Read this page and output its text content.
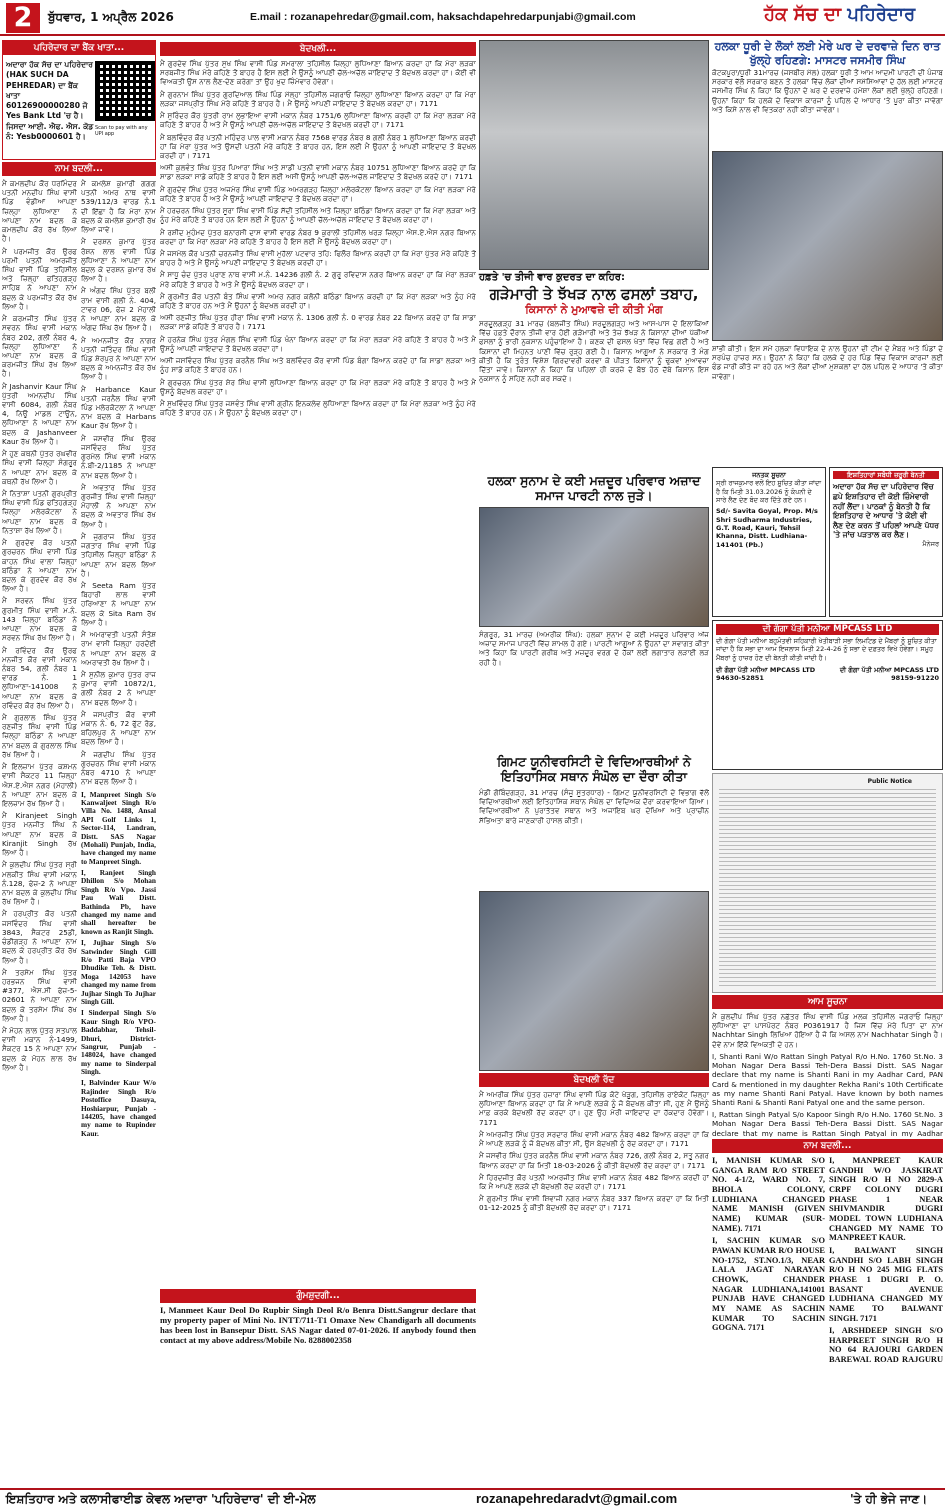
2	ਬੁੱਧਵਾਰ, 1 ਅਪ੍ਰੈਲ 2026	E.mail : rozanapehredar@gmail.com, haksachdapehredarpunjabi@gmail.com	ਹੱਕ ਸੱਚ ਦਾ ਪਹਿਰੇਦਾਰ
ਪਹਿਰੇਦਾਰ ਦਾ ਬੈਂਕ ਖਾਤਾ...
ਅਦਾਰਾ ਹੱਕ ਸੱਚ ਦਾ ਪਹਿਰੇਦਾਰ (HAK SUCH DA PEHREDAR) ਦਾ ਬੈਂਕ ਖਾਤਾ 60126900000280 ਜੋ Yes Bank Ltd 'ਚ ਹੈ। ਜਿਸਦਾ ਆਈ. ਐਫ. ਐਸ. ਕੋਡ ਨੰ: Yesb0000601 ਹੈ।
Scan to pay with any UPI app
ਨਾਮ ਬਦਲੀ...
ਮੈਂ ਕਮਲਦੀਪ ਕੌਰ ਧਰਮਿੰਦਰ ਪਤਨੀ ਮਨਦੀਪ ਸਿੰਘ ਵਾਸੀ ਪਿੰਡ ਵੰਡੀਆਂ ਆਪਣਾ ਜ਼ਿਲ੍ਹਾ ਲੁਧਿਆਣਾ ਨੇ ਆਪਣਾ ਨਾਮ ਬਦਲ ਕੇ ਕਮਲਦੀਪ ਕੌਰ ਰੱਖ ਲਿਆ ਹੈ।
ਮੈਂ ਪਰਮਜੀਤ ਕੌਰ ਉਰਫ ਪਰਮੀ ਪਤਨੀ ਅਮਰਜੀਤ ਸਿੰਘ ਵਾਸੀ ਪਿੰਡ ਤਹਿਸੀਲ ਅਤੇ ਜ਼ਿਲ੍ਹਾ ਫਤਿਹਗੜ੍ਹ ਸਾਹਿਬ ਨੇ ਆਪਣਾ ਨਾਮ ਬਦਲ ਕੇ ਪਰਮਜੀਤ ਕੌਰ ਰੱਖ ਲਿਆ ਹੈ।
ਮੈਂ ਕਰਮਜੀਤ ਸਿੰਘ ਪੁੱਤਰ ਸਵਰਨ ਸਿੰਘ ਵਾਸੀ ਮਕਾਨ ਨੰਬਰ 202, ਗਲੀ ਨੰਬਰ 4, ਜ਼ਿਲ੍ਹਾ ਲੁਧਿਆਣਾ ਨੇ ਆਪਣਾ ਨਾਮ ਬਦਲ ਕੇ ਕਰਮਜੀਤ ਸਿੰਘ ਰੱਖ ਲਿਆ ਹੈ।
ਮੈਂ Jashanvir Kaur ਸਿੰਘ ਪੁੱਤਰੀ ਅਮਨਦੀਪ ਸਿੰਘ ਵਾਸੀ 6084, ਗਲੀ ਨੰਬਰ 4, ਨਿਊ ਮਾਡਲ ਟਾਊਨ, ਲੁਧਿਆਣਾ ਨੇ ਆਪਣਾ ਨਾਮ ਬਦਲ ਕੇ Jashanveer Kaur ਰੱਖ ਲਿਆ ਹੈ।
ਮੈਂ ਹੁਣ ਕਥਨੀ ਪੁੱਤਰ ਰਘਵੀਰ ਸਿੰਘ ਵਾਸੀ ਜ਼ਿਲ੍ਹਾ ਸੰਗਰੂਰ ਨੇ ਆਪਣਾ ਨਾਮ ਬਦਲ ਕੇ ਕਥਨੀ ਰੱਖ ਲਿਆ ਹੈ।
ਮੈਂ ਨਿਤਾਸ਼ਾ ਪਤਨੀ ਗੁਰਪ੍ਰੀਤ ਸਿੰਘ ਵਾਸੀ ਪਿੰਡ ਫਤਿਹਗੜ੍ਹ ਜ਼ਿਲ੍ਹਾ ਮਲੇਰਕੋਟਲਾ ਨੇ ਆਪਣਾ ਨਾਮ ਬਦਲ ਕੇ ਨਿਤਾਸ਼ਾ ਰੱਖ ਲਿਆ ਹੈ।
ਮੈਂ ਗੁਰਦੇਵ ਕੌਰ ਪਤਨੀ ਗੁਰਚਰਨ ਸਿੰਘ ਵਾਸੀ ਪਿੰਡ ਕਾਹਨ ਸਿੰਘ ਵਾਲਾ ਜ਼ਿਲ੍ਹਾ ਬਠਿੰਡਾ ਨੇ ਆਪਣਾ ਨਾਮ ਬਦਲ ਕੇ ਗੁਰਦੇਵ ਕੌਰ ਰੱਖ ਲਿਆ ਹੈ।
ਮੈਂ ਸਰਵਨ ਸਿੰਘ ਪੁੱਤਰ ਗੁਰਮੀਤ ਸਿੰਘ ਵਾਸੀ ਮ.ਨੰ. 143 ਜ਼ਿਲ੍ਹਾ ਬਠਿੰਡਾ ਨੇ ਆਪਣਾ ਨਾਮ ਬਦਲ ਕੇ ਸਰਵਨ ਸਿੰਘ ਰੱਖ ਲਿਆ ਹੈ।
ਮੈਂ ਰਵਿੰਦਰ ਕੌਰ ਉਰਫ ਮਨਜੀਤ ਕੌਰ ਵਾਸੀ ਮਕਾਨ ਨੰਬਰ 54, ਗਲੀ ਨੰਬਰ 1 ਵਾਰਡ ਨੰ. 1 ਲੁਧਿਆਣਾ-141008 ਨੇ ਆਪਣਾ ਨਾਮ ਬਦਲ ਕੇ ਰਵਿੰਦਰ ਕੌਰ ਰੱਖ ਲਿਆ ਹੈ।
ਮੈਂ ਗੁਰਲਾਲ ਸਿੰਘ ਪੁੱਤਰ ਰਣਜੀਤ ਸਿੰਘ ਵਾਸੀ ਪਿੰਡ ਜ਼ਿਲ੍ਹਾ ਬਠਿੰਡਾ ਨੇ ਆਪਣਾ ਨਾਮ ਬਦਲ ਕੇ ਗੁਰਲਾਲ ਸਿੰਘ ਰੱਖ ਲਿਆ ਹੈ।
ਮੈਂ ਇਲਜ਼ਾਮ ਪੁੱਤਰ ਕਸ਼ਮਨ ਵਾਸੀ ਸੈਕਟਰ 11 ਜ਼ਿਲ੍ਹਾ ਐਸ.ਏ.ਐਸ ਨਗਰ (ਮੋਹਾਲੀ) ਨੇ ਆਪਣਾ ਨਾਮ ਬਦਲ ਕੇ ਇਲਜ਼ਾਮ ਰੱਖ ਲਿਆ ਹੈ।
ਮੈਂ Kiranjeet Singh ਪੁੱਤਰ ਮਨਜੀਤ ਸਿੰਘ ਨੇ ਆਪਣਾ ਨਾਮ ਬਦਲ ਕੇ Kiranjit Singh ਰੱਖ ਲਿਆ ਹੈ।
ਮੈਂ ਕੁਲਦੀਪ ਸਿੰਘ ਪੁੱਤਰ ਸ੍ਰੀ ਮਲਕੀਤ ਸਿੰਘ ਵਾਸੀ ਮਕਾਨ ਨੰ.128, ਫੇਜ਼-2 ਨੇ ਆਪਣਾ ਨਾਮ ਬਦਲ ਕੇ ਕੁਲਦੀਪ ਸਿੰਘ ਰੱਖ ਲਿਆ ਹੈ।
ਮੈਂ ਹਰਪ੍ਰੀਤ ਕੌਰ ਪਤਨੀ ਜਸਵਿੰਦਰ ਸਿੰਘ ਵਾਸੀ 3843, ਸੈਕਟਰ 25ਡੀ, ਚੰਡੀਗੜ੍ਹ ਨੇ ਆਪਣਾ ਨਾਮ ਬਦਲ ਕੇ ਹਰਪ੍ਰੀਤ ਕੌਰ ਰੱਖ ਲਿਆ ਹੈ।
ਮੈਂ ਤਰਸੇਮ ਸਿੰਘ ਪੁੱਤਰ ਹਰਭਜਨ ਸਿੰਘ ਵਾਸੀ #377, ਐਸ.ਸੀ ਫੇਜ਼-5-02601 ਨੇ ਆਪਣਾ ਨਾਮ ਬਦਲ ਕੇ ਤਰਸੇਮ ਸਿੰਘ ਰੱਖ ਲਿਆ ਹੈ।
ਮੈਂ ਮੋਹਨ ਲਾਲ ਪੁੱਤਰ ਸਤਪਾਲ ਵਾਸੀ ਮਕਾਨ ਨੰ-1499, ਸੈਕਟਰ 15 ਨੇ ਆਪਣਾ ਨਾਮ ਬਦਲ ਕੇ ਮੋਹਨ ਲਾਲ ਰੱਖ ਲਿਆ ਹੈ।
ਮੈਂ ਕਮਲੇਸ਼ ਕੁਮਾਰੀ ਗਗਗ ਪਤਨੀ ਅਮਰ ਨਾਥ ਵਾਸੀ 539/112/3 ਵਾਰਡ ਨੰ.1 ਦੀ ਇੱਛਾ ਹੈ ਕਿ ਮੇਰਾ ਨਾਮ ਬਦਲ ਕੇ ਕਮਲੇਸ਼ ਕੁਮਾਰੀ ਰੱਖ ਲਿਆ ਜਾਵੇ।
ਮੈਂ ਦਰਸ਼ਨ ਕੁਮਾਰ ਪੁੱਤਰ ਰੋਸ਼ਨ ਲਾਲ ਵਾਸੀ ਪਿੰਡ ਲੁਧਿਆਣਾ ਨੇ ਆਪਣਾ ਨਾਮ ਬਦਲ ਕੇ ਦਰਸ਼ਨ ਕੁਮਾਰ ਰੱਖ ਲਿਆ ਹੈ।
ਮੈਂ ਅੰਗਦ ਸਿੰਘ ਪੁੱਤਰ ਬਲੀ ਰਾਮ ਵਾਸੀ ਗਲੀ ਨੰ. 404, ਟਾਵਰ 06, ਫੇਜ਼ 2 ਮੋਹਾਲੀ ਨੇ ਆਪਣਾ ਨਾਮ ਬਦਲ ਕੇ ਅੰਗਦ ਸਿੰਘ ਰੱਖ ਲਿਆ ਹੈ।
ਮੈਂ ਅਮਨਜੀਤ ਕੌਰ ਨਾਗਰ ਪਤਨੀ ਜਤਿੰਦਰ ਸਿੰਘ ਵਾਸੀ ਪਿੰਡ ਸ਼ੇਰਪੁਰ ਨੇ ਆਪਣਾ ਨਾਮ ਬਦਲ ਕੇ ਅਮਨਜੀਤ ਕੌਰ ਰੱਖ ਲਿਆ ਹੈ।
ਮੈਂ Harbance Kaur ਪਤਨੀ ਜਰਨੈਲ ਸਿੰਘ ਵਾਸੀ ਪਿੰਡ ਮਲੇਰਕੋਟਲਾ ਨੇ ਆਪਣਾ ਨਾਮ ਬਦਲ ਕੇ Harbans Kaur ਰੱਖ ਲਿਆ ਹੈ।
ਮੈਂ ਜਸਵੀਰ ਸਿੰਘ ਉਰਫ ਜਸਵਿੰਦਰ ਸਿੰਘ ਪੁੱਤਰ ਗੁਰਮੇਲ ਸਿੰਘ ਵਾਸੀ ਮਕਾਨ ਨੰ.ਬੀ-2/1185 ਨੇ ਆਪਣਾ ਨਾਮ ਬਦਲ ਲਿਆ ਹੈ।
ਮੈਂ ਅਵਤਾਰ ਸਿੰਘ ਪੁੱਤਰ ਗੁਰਜੀਤ ਸਿੰਘ ਵਾਸੀ ਜ਼ਿਲ੍ਹਾ ਮੋਹਾਲੀ ਨੇ ਆਪਣਾ ਨਾਮ ਬਦਲ ਕੇ ਅਵਤਾਰ ਸਿੰਘ ਰੱਖ ਲਿਆ ਹੈ।
ਮੈਂ ਜੁਗਰਾਜ ਸਿੰਘ ਪੁੱਤਰ ਜਗਤਾਰ ਸਿੰਘ ਵਾਸੀ ਪਿੰਡ ਤਹਿਸੀਲ ਜ਼ਿਲ੍ਹਾ ਬਠਿੰਡਾ ਨੇ ਆਪਣਾ ਨਾਮ ਬਦਲ ਲਿਆ ਹੈ।
ਮੈਂ Seeta Ram ਪੁੱਤਰ ਬਿਹਾਰੀ ਲਾਲ ਵਾਸੀ ਹਰਿਆਣਾ ਨੇ ਆਪਣਾ ਨਾਮ ਬਦਲ ਕੇ Sita Ram ਰੱਖ ਲਿਆ ਹੈ।
ਮੈਂ ਅਮਰਾਵਤੀ ਪਤਨੀ ਸੰਤੋਸ਼ ਰਾਮ ਵਾਸੀ ਜ਼ਿਲ੍ਹਾ ਹਰਦੋਈ ਨੇ ਆਪਣਾ ਨਾਮ ਬਦਲ ਕੇ ਅਮਰਾਵਤੀ ਰੱਖ ਲਿਆ ਹੈ।
ਮੈਂ ਸੁਨੀਲ ਕੁਮਾਰ ਪੁੱਤਰ ਰਾਜ ਕੁਮਾਰ ਵਾਸੀ 10872/1, ਗਲੀ ਨੰਬਰ 2 ਨੇ ਆਪਣਾ ਨਾਮ ਬਦਲ ਲਿਆ ਹੈ।
ਮੈਂ ਜਸਪ੍ਰੀਤ ਕੌਰ ਵਾਸੀ ਮਕਾਨ ਨੰ. 6, 72 ਫੁੱਟ ਰੋਡ, ਬਹਿਲਪੁਰ ਨੇ ਆਪਣਾ ਨਾਮ ਬਦਲ ਲਿਆ ਹੈ।
ਮੈਂ ਜਗਦੀਪ ਸਿੰਘ ਪੁੱਤਰ ਗੁਰਚਰਨ ਸਿੰਘ ਵਾਸੀ ਮਕਾਨ ਨੰਬਰ 4710 ਨੇ ਆਪਣਾ ਨਾਮ ਬਦਲ ਲਿਆ ਹੈ।
I, Manpreet Singh S/o Kanwaljeet Singh R/o Villa No. 1488, Ansal API Golf Links 1, Sector-114, Landran, Distt. SAS Nagar (Mohali) Punjab, India, have changed my name to Manpreet Singh.
I, Ranjeet Singh Dhillon S/o Mohan Singh R/o Vpo. Jassi Pau Wali Distt. Bathinda Pb, have changed my name and shall hereafter be known as Ranjit Singh.
I, Jujhar Singh S/o Satwinder Singh Gill R/o Patti Baja VPO Dhudike Teh. & Distt. Moga 142053 have changed my name from Jujhar Singh To Jujhar Singh Gill.
I Sinderpal Singh S/o Kaur Singh R/o VPO-Baddabhar, Tehsil-Dhuri, District-Sangrur, Punjab - 148024, have changed my name to Sinderpal Singh.
I, Balvinder Kaur W/o Rajinder Singh R/o Postoffice Dasuya, Hoshiarpur, Punjab - 144205, have changed my name to Rupinder Kaur.
ਬੇਦਖਲੀ...
ਮੈਂ ਗੁਰਦੇਵ ਸਿੰਘ ਪੁੱਤਰ ਸੁਖ ਸਿੰਘ ਵਾਸੀ ਪਿੰਡ ਸਮਰਾਲਾ ਤਹਿਸੀਲ ਜ਼ਿਲ੍ਹਾ ਲੁਧਿਆਣਾ ਬਿਆਨ ਕਰਦਾ ਹਾਂ ਕਿ ਮੇਰਾ ਲੜਕਾ ਸਰਬਜੀਤ ਸਿੰਘ ਮੇਰੇ ਕਹਿਣੇ ਤੋਂ ਬਾਹਰ ਹੈ ਇਸ ਲਈ ਮੈਂ ਉਸਨੂੰ ਆਪਣੀ ਚੱਲ-ਅਚੱਲ ਜਾਇਦਾਦ ਤੋਂ ਬੇਦਖਲ ਕਰਦਾ ਹਾਂ। ਕੋਈ ਵੀ ਵਿਅਕਤੀ ਉਸ ਨਾਲ ਲੈਣ-ਦੇਣ ਕਰੇਗਾ ਤਾਂ ਉਹ ਖੁਦ ਜ਼ਿੰਮੇਵਾਰ ਹੋਵੇਗਾ।
ਮੈਂ ਗੁਰਨਾਮ ਸਿੰਘ ਪੁੱਤਰ ਗੁਰਦਿਆਲ ਸਿੰਘ ਪਿੰਡ ਮੱਲ੍ਹਾ ਤਹਿਸੀਲ ਜਗਰਾਓਂ ਜ਼ਿਲ੍ਹਾ ਲੁਧਿਆਣਾ ਬਿਆਨ ਕਰਦਾ ਹਾਂ ਕਿ ਮੇਰਾ ਲੜਕਾ ਜਸਪ੍ਰੀਤ ਸਿੰਘ ਮੇਰੇ ਕਹਿਣੇ ਤੋਂ ਬਾਹਰ ਹੈ। ਮੈਂ ਉਸਨੂੰ ਆਪਣੀ ਜਾਇਦਾਦ ਤੋਂ ਬੇਦਖਲ ਕਰਦਾ ਹਾਂ। 7171
ਮੈਂ ਸੁਰਿੰਦਰ ਕੌਰ ਪੁੱਤਰੀ ਰਾਮ ਲੁਭਾਇਆ ਵਾਸੀ ਮਕਾਨ ਨੰਬਰ 1751/6 ਲੁਧਿਆਣਾ ਬਿਆਨ ਕਰਦੀ ਹਾਂ ਕਿ ਮੇਰਾ ਲੜਕਾ ਮੇਰੇ ਕਹਿਣੇ ਤੋਂ ਬਾਹਰ ਹੈ ਅਤੇ ਮੈਂ ਉਸਨੂੰ ਆਪਣੀ ਚੱਲ-ਅਚੱਲ ਜਾਇਦਾਦ ਤੋਂ ਬੇਦਖਲ ਕਰਦੀ ਹਾਂ। 7171
ਮੈਂ ਬਲਵਿੰਦਰ ਕੌਰ ਪਤਨੀ ਮਹਿੰਦਰ ਪਾਲ ਵਾਸੀ ਮਕਾਨ ਨੰਬਰ 7568 ਵਾਰਡ ਨੰਬਰ 8 ਗਲੀ ਨੰਬਰ 1 ਲੁਧਿਆਣਾ ਬਿਆਨ ਕਰਦੀ ਹਾਂ ਕਿ ਮੇਰਾ ਪੁੱਤਰ ਅਤੇ ਉਸਦੀ ਪਤਨੀ ਮੇਰੇ ਕਹਿਣੇ ਤੋਂ ਬਾਹਰ ਹਨ, ਇਸ ਲਈ ਮੈਂ ਉਹਨਾਂ ਨੂੰ ਆਪਣੀ ਜਾਇਦਾਦ ਤੋਂ ਬੇਦਖਲ ਕਰਦੀ ਹਾਂ। 7171
ਅਸੀਂ ਕੁਲਵੰਤ ਸਿੰਘ ਪੁੱਤਰ ਪਿਆਰਾ ਸਿੰਘ ਅਤੇ ਸਾਡੀ ਪਤਨੀ ਵਾਸੀ ਮਕਾਨ ਨੰਬਰ 10751 ਲੁਧਿਆਣਾ ਬਿਆਨ ਕਰਦੇ ਹਾਂ ਕਿ ਸਾਡਾ ਲੜਕਾ ਸਾਡੇ ਕਹਿਣੇ ਤੋਂ ਬਾਹਰ ਹੈ ਇਸ ਲਈ ਅਸੀਂ ਉਸਨੂੰ ਆਪਣੀ ਚੱਲ-ਅਚੱਲ ਜਾਇਦਾਦ ਤੋਂ ਬੇਦਖਲ ਕਰਦੇ ਹਾਂ। 7171
ਮੈਂ ਗੁਰਦੇਵ ਸਿੰਘ ਪੁੱਤਰ ਅਜਮੇਰ ਸਿੰਘ ਵਾਸੀ ਪਿੰਡ ਅਮਰਗੜ੍ਹ ਜ਼ਿਲ੍ਹਾ ਮਲੇਰਕੋਟਲਾ ਬਿਆਨ ਕਰਦਾ ਹਾਂ ਕਿ ਮੇਰਾ ਲੜਕਾ ਮੇਰੇ ਕਹਿਣੇ ਤੋਂ ਬਾਹਰ ਹੈ ਅਤੇ ਮੈਂ ਉਸਨੂੰ ਆਪਣੀ ਜਾਇਦਾਦ ਤੋਂ ਬੇਦਖਲ ਕਰਦਾ ਹਾਂ।
ਮੈਂ ਹਰਚਰਨ ਸਿੰਘ ਪੁੱਤਰ ਸੂਰਾ ਸਿੰਘ ਵਾਸੀ ਪਿੰਡ ਸੱਦੀ ਤਹਿਸੀਲ ਅਤੇ ਜ਼ਿਲ੍ਹਾ ਬਠਿੰਡਾ ਬਿਆਨ ਕਰਦਾ ਹਾਂ ਕਿ ਮੇਰਾ ਲੜਕਾ ਅਤੇ ਨੂੰਹ ਮੇਰੇ ਕਹਿਣੇ ਤੋਂ ਬਾਹਰ ਹਨ ਇਸ ਲਈ ਮੈਂ ਉਹਨਾਂ ਨੂੰ ਆਪਣੀ ਚੱਲ-ਅਚੱਲ ਜਾਇਦਾਦ ਤੋਂ ਬੇਦਖਲ ਕਰਦਾ ਹਾਂ।
ਮੈਂ ਰਸ਼ੀਦ ਮੁਹੰਮਦ ਪੁੱਤਰ ਬਨਾਰਸੀ ਦਾਸ ਵਾਸੀ ਵਾਰਡ ਨੰਬਰ 9 ਕੁਰਾਲੀ ਤਹਿਸੀਲ ਖਰੜ ਜ਼ਿਲ੍ਹਾ ਐਸ.ਏ.ਐਸ ਨਗਰ ਬਿਆਨ ਕਰਦਾ ਹਾਂ ਕਿ ਮੇਰਾ ਲੜਕਾ ਮੇਰੇ ਕਹਿਣੇ ਤੋਂ ਬਾਹਰ ਹੈ ਇਸ ਲਈ ਮੈਂ ਉਸਨੂੰ ਬੇਦਖਲ ਕਰਦਾ ਹਾਂ।
ਮੈਂ ਜਸਮੇਲ ਕੌਰ ਪਤਨੀ ਚਰਨਜੀਤ ਸਿੰਘ ਵਾਸੀ ਮੁਹੱਲਾ ਪਟਵਾਰ ਤਹਿ: ਫਿਲੌਰ ਬਿਆਨ ਕਰਦੀ ਹਾਂ ਕਿ ਮੇਰਾ ਪੁੱਤਰ ਮੇਰੇ ਕਹਿਣੇ ਤੋਂ ਬਾਹਰ ਹੈ ਅਤੇ ਮੈਂ ਉਸਨੂੰ ਆਪਣੀ ਜਾਇਦਾਦ ਤੋਂ ਬੇਦਖਲ ਕਰਦੀ ਹਾਂ।
ਮੈਂ ਸਾਧੂ ਚੰਦ ਪੁੱਤਰ ਪ੍ਰਾਣ ਨਾਥ ਵਾਸੀ ਮ.ਨੰ. 14236 ਗਲੀ ਨੰ. 2 ਗੁਰੂ ਰਵਿਦਾਸ ਨਗਰ ਬਿਆਨ ਕਰਦਾ ਹਾਂ ਕਿ ਮੇਰਾ ਲੜਕਾ ਮੇਰੇ ਕਹਿਣੇ ਤੋਂ ਬਾਹਰ ਹੈ ਅਤੇ ਮੈਂ ਉਸਨੂੰ ਬੇਦਖਲ ਕਰਦਾ ਹਾਂ।
ਮੈਂ ਗੁਰਮੀਤ ਕੌਰ ਪਤਨੀ ਬੰਤ ਸਿੰਘ ਵਾਸੀ ਅਮਰ ਨਗਰ ਕਲੋਨੀ ਬਠਿੰਡਾ ਬਿਆਨ ਕਰਦੀ ਹਾਂ ਕਿ ਮੇਰਾ ਲੜਕਾ ਅਤੇ ਨੂੰਹ ਮੇਰੇ ਕਹਿਣੇ ਤੋਂ ਬਾਹਰ ਹਨ ਅਤੇ ਮੈਂ ਉਹਨਾਂ ਨੂੰ ਬੇਦਖਲ ਕਰਦੀ ਹਾਂ।
ਅਸੀਂ ਰਣਜੀਤ ਸਿੰਘ ਪੁੱਤਰ ਹੀਰਾ ਸਿੰਘ ਵਾਸੀ ਮਕਾਨ ਨੰ. 1306 ਗਲੀ ਨੰ. 0 ਵਾਰਡ ਨੰਬਰ 22 ਬਿਆਨ ਕਰਦੇ ਹਾਂ ਕਿ ਸਾਡਾ ਲੜਕਾ ਸਾਡੇ ਕਹਿਣੇ ਤੋਂ ਬਾਹਰ ਹੈ। 7171
ਮੈਂ ਹਰਨੇਕ ਸਿੰਘ ਪੁੱਤਰ ਮੰਗਲ ਸਿੰਘ ਵਾਸੀ ਪਿੰਡ ਖੰਨਾ ਬਿਆਨ ਕਰਦਾ ਹਾਂ ਕਿ ਮੇਰਾ ਲੜਕਾ ਮੇਰੇ ਕਹਿਣੇ ਤੋਂ ਬਾਹਰ ਹੈ ਅਤੇ ਮੈਂ ਉਸਨੂੰ ਆਪਣੀ ਜਾਇਦਾਦ ਤੋਂ ਬੇਦਖਲ ਕਰਦਾ ਹਾਂ।
ਅਸੀਂ ਜਸਵਿੰਦਰ ਸਿੰਘ ਪੁੱਤਰ ਕਰਨੈਲ ਸਿੰਘ ਅਤੇ ਬਲਵਿੰਦਰ ਕੌਰ ਵਾਸੀ ਪਿੰਡ ਬੰਗਾ ਬਿਆਨ ਕਰਦੇ ਹਾਂ ਕਿ ਸਾਡਾ ਲੜਕਾ ਅਤੇ ਨੂੰਹ ਸਾਡੇ ਕਹਿਣੇ ਤੋਂ ਬਾਹਰ ਹਨ।
ਮੈਂ ਗੁਰਚਰਨ ਸਿੰਘ ਪੁੱਤਰ ਸ਼ੇਰ ਸਿੰਘ ਵਾਸੀ ਲੁਧਿਆਣਾ ਬਿਆਨ ਕਰਦਾ ਹਾਂ ਕਿ ਮੇਰਾ ਲੜਕਾ ਮੇਰੇ ਕਹਿਣੇ ਤੋਂ ਬਾਹਰ ਹੈ ਅਤੇ ਮੈਂ ਉਸਨੂੰ ਬੇਦਖਲ ਕਰਦਾ ਹਾਂ।
ਮੈਂ ਸੁਖਵਿੰਦਰ ਸਿੰਘ ਪੁੱਤਰ ਜਸਵੰਤ ਸਿੰਘ ਵਾਸੀ ਗ੍ਰੀਨ ਇਨਕਲੇਵ ਲੁਧਿਆਣਾ ਬਿਆਨ ਕਰਦਾ ਹਾਂ ਕਿ ਮੇਰਾ ਲੜਕਾ ਅਤੇ ਨੂੰਹ ਮੇਰੇ ਕਹਿਣੇ ਤੋਂ ਬਾਹਰ ਹਨ। ਮੈਂ ਉਹਨਾਂ ਨੂੰ ਬੇਦਖਲ ਕਰਦਾ ਹਾਂ।
ਗੁੰਮਸ਼ੁਦਗੀ...
I, Manmeet Kaur Deol Do Rupbir Singh Deol R/o Benra Distt.Sangrur declare that my property paper of Mini No. INTT/711-T1 Omaxe New Chandigarh all documents has been lost in Bansepur Distt. SAS Nagar dated 07-01-2026. If anybody found then contact at my above address/Mobile No. 8288002358
ਹਫ਼ਤੇ 'ਚ ਤੀਜੀ ਵਾਰ ਕੁਦਰਤ ਦਾ ਕਹਿਰ:
ਗੜੇਮਾਰੀ ਤੇ ਝੱਖੜ ਨਾਲ ਫਸਲਾਂ ਤਬਾਹ,
ਕਿਸਾਨਾਂ ਨੇ ਮੁਆਵਜ਼ੇ ਦੀ ਕੀਤੀ ਮੰਗ
ਸਰਦੂਲਗੜ੍ਹ 31 ਮਾਰਚ (ਬਲਜੀਤ ਸਿੰਘ) ਸਰਦੂਲਗੜ੍ਹ ਅਤੇ ਆਸ-ਪਾਸ ਦੇ ਇਲਾਕਿਆਂ ਵਿੱਚ ਹਫ਼ਤੇ ਦੌਰਾਨ ਤੀਜੀ ਵਾਰ ਹੋਈ ਗੜੇਮਾਰੀ ਅਤੇ ਤੇਜ਼ ਝੱਖੜ ਨੇ ਕਿਸਾਨਾਂ ਦੀਆਂ ਪੱਕੀਆਂ ਫਸਲਾਂ ਨੂੰ ਭਾਰੀ ਨੁਕਸਾਨ ਪਹੁੰਚਾਇਆ ਹੈ। ਕਣਕ ਦੀ ਫਸਲ ਖੇਤਾਂ ਵਿੱਚ ਵਿਛ ਗਈ ਹੈ ਅਤੇ ਕਿਸਾਨਾਂ ਦੀ ਮਿਹਨਤ ਪਾਣੀ ਵਿੱਚ ਰੁੜ੍ਹ ਗਈ ਹੈ। ਕਿਸਾਨ ਆਗੂਆਂ ਨੇ ਸਰਕਾਰ ਤੋਂ ਮੰਗ ਕੀਤੀ ਹੈ ਕਿ ਤੁਰੰਤ ਵਿਸ਼ੇਸ਼ ਗਿਰਦਾਵਰੀ ਕਰਵਾ ਕੇ ਪੀੜਤ ਕਿਸਾਨਾਂ ਨੂੰ ਢੁਕਵਾਂ ਮੁਆਵਜ਼ਾ ਦਿੱਤਾ ਜਾਵੇ। ਕਿਸਾਨਾਂ ਨੇ ਕਿਹਾ ਕਿ ਪਹਿਲਾਂ ਹੀ ਕਰਜ਼ੇ ਦੇ ਬੋਝ ਹੇਠ ਦੱਬੇ ਕਿਸਾਨ ਇਸ ਨੁਕਸਾਨ ਨੂੰ ਸਹਿਣ ਨਹੀਂ ਕਰ ਸਕਦੇ।
ਹਲਕਾ ਸੁਨਾਮ ਦੇ ਕਈ ਮਜ਼ਦੂਰ ਪਰਿਵਾਰ ਅਜ਼ਾਦ ਸਮਾਜ ਪਾਰਟੀ ਨਾਲ ਜੁੜੇ।
ਸੰਗਰੂਰ, 31 ਮਾਰਚ (ਅਮਰੀਕ ਸਿੰਘ): ਹਲਕਾ ਸੁਨਾਮ ਦੇ ਕਈ ਮਜ਼ਦੂਰ ਪਰਿਵਾਰ ਅੱਜ ਅਜ਼ਾਦ ਸਮਾਜ ਪਾਰਟੀ ਵਿੱਚ ਸ਼ਾਮਲ ਹੋ ਗਏ। ਪਾਰਟੀ ਆਗੂਆਂ ਨੇ ਉਹਨਾਂ ਦਾ ਸਵਾਗਤ ਕੀਤਾ ਅਤੇ ਕਿਹਾ ਕਿ ਪਾਰਟੀ ਗਰੀਬ ਅਤੇ ਮਜ਼ਦੂਰ ਵਰਗ ਦੇ ਹੱਕਾਂ ਲਈ ਲਗਾਤਾਰ ਲੜਾਈ ਲੜ ਰਹੀ ਹੈ।
ਗਿਮਟ ਯੂਨੀਵਰਸਿਟੀ ਦੇ ਵਿਦਿਆਰਥੀਆਂ ਨੇ ਇਤਿਹਾਸਿਕ ਸਥਾਨ ਸੰਘੋਲ ਦਾ ਦੌਰਾ ਕੀਤਾ
ਮੰਡੀ ਗੋਬਿੰਦਗੜ੍ਹ, 31 ਮਾਰਚ (ਸੰਜੂ ਸੂਤਰਧਾਰ) - ਗਿਮਟ ਯੂਨੀਵਰਸਿਟੀ ਦੇ ਵਿਭਾਗ ਵੱਲੋਂ ਵਿਦਿਆਰਥੀਆਂ ਲਈ ਇਤਿਹਾਸਿਕ ਸਥਾਨ ਸੰਘੋਲ ਦਾ ਵਿਦਿਅਕ ਦੌਰਾ ਕਰਵਾਇਆ ਗਿਆ। ਵਿਦਿਆਰਥੀਆਂ ਨੇ ਪੁਰਾਤੱਤਵ ਸਥਾਨ ਅਤੇ ਅਜਾਇਬ ਘਰ ਦੇਖਿਆ ਅਤੇ ਪ੍ਰਾਚੀਨ ਸੱਭਿਅਤਾ ਬਾਰੇ ਜਾਣਕਾਰੀ ਹਾਸਲ ਕੀਤੀ।
ਬੇਦਖਲੀ ਰੱਦ
ਮੈਂ ਅਮਰੀਕ ਸਿੰਘ ਪੁੱਤਰ ਹਜ਼ਾਰਾ ਸਿੰਘ ਵਾਸੀ ਪਿੰਡ ਕੋਟੇ ਖੇੜੂਗ, ਤਹਿਸੀਲ ਰਾਏਕੋਟ ਜ਼ਿਲ੍ਹਾ ਲੁਧਿਆਣਾ ਬਿਆਨ ਕਰਦਾ ਹਾਂ ਕਿ ਮੈਂ ਆਪਣੇ ਲੜਕੇ ਨੂੰ ਜੋ ਬੇਦਖਲ ਕੀਤਾ ਸੀ, ਹੁਣ ਮੈਂ ਉਸਨੂੰ ਮਾਫ਼ ਕਰਕੇ ਬੇਦਖਲੀ ਰੱਦ ਕਰਦਾ ਹਾਂ। ਹੁਣ ਉਹ ਮੇਰੀ ਜਾਇਦਾਦ ਦਾ ਹੱਕਦਾਰ ਹੋਵੇਗਾ। 7171
ਮੈਂ ਅਮਰਜੀਤ ਸਿੰਘ ਪੁੱਤਰ ਸਰਦਾਰ ਸਿੰਘ ਵਾਸੀ ਮਕਾਨ ਨੰਬਰ 482 ਬਿਆਨ ਕਰਦਾ ਹਾਂ ਕਿ ਮੈਂ ਆਪਣੇ ਲੜਕੇ ਨੂੰ ਜੋ ਬੇਦਖਲ ਕੀਤਾ ਸੀ, ਉਸ ਬੇਦਖਲੀ ਨੂੰ ਰੱਦ ਕਰਦਾ ਹਾਂ। 7171
ਮੈਂ ਜਸਵੀਰ ਸਿੰਘ ਪੁੱਤਰ ਕਰਨੈਲ ਸਿੰਘ ਵਾਸੀ ਮਕਾਨ ਨੰਬਰ 726, ਗਲੀ ਨੰਬਰ 2, ਸਤੂ ਨਗਰ ਬਿਆਨ ਕਰਦਾ ਹਾਂ ਕਿ ਮਿਤੀ 18-03-2026 ਨੂੰ ਕੀਤੀ ਬੇਦਖਲੀ ਰੱਦ ਕਰਦਾ ਹਾਂ। 7171
ਮੈਂ ਹਿਰਦਜੀਤ ਕੌਰ ਪਤਨੀ ਅਮਰਜੀਤ ਸਿੰਘ ਵਾਸੀ ਮਕਾਨ ਨੰਬਰ 482 ਬਿਆਨ ਕਰਦੀ ਹਾਂ ਕਿ ਮੈਂ ਆਪਣੇ ਲੜਕੇ ਦੀ ਬੇਦਖਲੀ ਰੱਦ ਕਰਦੀ ਹਾਂ। 7171
ਮੈਂ ਗੁਰਮੀਤ ਸਿੰਘ ਵਾਸੀ ਸ਼ਿਵਾਜੀ ਨਗਰ ਮਕਾਨ ਨੰਬਰ 337 ਬਿਆਨ ਕਰਦਾ ਹਾਂ ਕਿ ਮਿਤੀ 01-12-2025 ਨੂੰ ਕੀਤੀ ਬੇਦਖਲੀ ਰੱਦ ਕਰਦਾ ਹਾਂ। 7171
ਹਲਕਾ ਧੂਰੀ ਦੇ ਲੋਕਾਂ ਲਈ ਮੇਰੇ ਘਰ ਦੇ ਦਰਵਾਜ਼ੇ ਦਿਨ ਰਾਤ ਖੁੱਲ੍ਹੇ ਰਹਿਣਗੇ: ਮਾਸਟਰ ਜਸਮੀਰ ਸਿੰਘ
ਕੋਟਕਪੂਰਾ/ਧੂਰੀ 31ਮਾਰਚ (ਜਸਬੀਰ ਮੱਲ) ਹਲਕਾ ਧੂਰੀ ਤੋਂ ਆਮ ਆਦਮੀ ਪਾਰਟੀ ਦੀ ਪੰਜਾਬ ਸਰਕਾਰ ਵੱਲੋਂ ਸਰਕਾਰ ਬਣਨ ਤੋਂ ਹਲਕਾ ਵਿੱਚ ਲੋਕਾਂ ਦੀਆਂ ਸਮੱਸਿਆਵਾਂ ਦੇ ਹੱਲ ਲਈ ਮਾਸਟਰ ਜਸਮੀਰ ਸਿੰਘ ਨੇ ਕਿਹਾ ਕਿ ਉਹਨਾਂ ਦੇ ਘਰ ਦੇ ਦਰਵਾਜ਼ੇ ਹਮੇਸ਼ਾ ਲੋਕਾਂ ਲਈ ਖੁੱਲ੍ਹੇ ਰਹਿਣਗੇ। ਉਹਨਾਂ ਕਿਹਾ ਕਿ ਹਲਕੇ ਦੇ ਵਿਕਾਸ ਕਾਰਜਾਂ ਨੂੰ ਪਹਿਲ ਦੇ ਆਧਾਰ 'ਤੇ ਪੂਰਾ ਕੀਤਾ ਜਾਵੇਗਾ ਅਤੇ ਕਿਸੇ ਨਾਲ ਵੀ ਵਿਤਕਰਾ ਨਹੀਂ ਕੀਤਾ ਜਾਵੇਗਾ।
ਸ਼ਾਂਭੀ ਕੀਤੀ। ਇਸ ਸਮੇਂ ਹਲਕਾ ਵਿਧਾਇਕ ਦੇ ਨਾਲ ਉਹਨਾਂ ਦੀ ਟੀਮ ਦੇ ਮੈਂਬਰ ਅਤੇ ਪਿੰਡਾਂ ਦੇ ਸਰਪੰਚ ਹਾਜ਼ਰ ਸਨ। ਉਹਨਾਂ ਨੇ ਕਿਹਾ ਕਿ ਹਲਕੇ ਦੇ ਹਰ ਪਿੰਡ ਵਿੱਚ ਵਿਕਾਸ ਕਾਰਜਾਂ ਲਈ ਫੰਡ ਜਾਰੀ ਕੀਤੇ ਜਾ ਰਹੇ ਹਨ ਅਤੇ ਲੋਕਾਂ ਦੀਆਂ ਮੁਸ਼ਕਲਾਂ ਦਾ ਹੱਲ ਪਹਿਲ ਦੇ ਆਧਾਰ 'ਤੇ ਕੀਤਾ ਜਾਵੇਗਾ।
ਜਨਤਕ ਸੂਚਨਾ
ਸ੍ਰੀ ਰਾਜਕੁਮਾਰ ਵਲੋਂ ਇਹ ਸੂਚਿਤ ਕੀਤਾ ਜਾਂਦਾ ਹੈ ਕਿ ਮਿਤੀ 31.03.2026 ਨੂੰ ਕੰਪਨੀ ਦੇ ਸਾਰੇ ਲੈਣ ਦੇਣ ਬੰਦ ਕਰ ਦਿੱਤੇ ਗਏ ਹਨ।
Sd/- Savita Goyal, Prop. M/s Shri Sudharma Industries, G.T. Road, Kauri, Tehsil Khanna, Distt. Ludhiana-141401 (Pb.)
ਇਸ਼ਤਿਹਾਰਾਂ ਸਬੰਧੀ ਜ਼ਰੂਰੀ ਬੇਨਤੀ
ਅਦਾਰਾ ਹੱਕ ਸੱਚ ਦਾ ਪਹਿਰੇਦਾਰ ਵਿੱਚ ਛਪੇ ਇਸ਼ਤਿਹਾਰ ਦੀ ਕੋਈ ਜ਼ਿੰਮੇਵਾਰੀ ਨਹੀਂ ਲੈਂਦਾ। ਪਾਠਕਾਂ ਨੂੰ ਬੇਨਤੀ ਹੈ ਕਿ ਇਸ਼ਤਿਹਾਰ ਦੇ ਆਧਾਰ 'ਤੇ ਕੋਈ ਵੀ ਲੈਣ ਦੇਣ ਕਰਨ ਤੋਂ ਪਹਿਲਾਂ ਆਪਣੇ ਪੱਧਰ 'ਤੇ ਜਾਂਚ ਪੜਤਾਲ ਕਰ ਲੈਣ।
ਮੈਨੇਜਰ
ਦੀ ਗੰਗਾ ਪੱਤੀ ਮਨੀਆ MPCASS LTD
ਦੀ ਗੰਗਾ ਪੱਤੀ ਮਨੀਆ ਬਹੁਮੰਤਵੀ ਸਹਿਕਾਰੀ ਖੇਤੀਬਾੜੀ ਸਭਾ ਲਿਮਟਿਡ ਦੇ ਮੈਂਬਰਾਂ ਨੂੰ ਸੂਚਿਤ ਕੀਤਾ ਜਾਂਦਾ ਹੈ ਕਿ ਸਭਾ ਦਾ ਆਮ ਇਜਲਾਸ ਮਿਤੀ 22-4-26 ਨੂੰ ਸਭਾ ਦੇ ਦਫ਼ਤਰ ਵਿਖੇ ਹੋਵੇਗਾ। ਸਮੂਹ ਮੈਂਬਰਾਂ ਨੂੰ ਹਾਜ਼ਰ ਹੋਣ ਦੀ ਬੇਨਤੀ ਕੀਤੀ ਜਾਂਦੀ ਹੈ।
ਦੀ ਗੰਗਾ ਪੱਤੀ ਮਨੀਆ MPCASS LTD 94630-52851
ਦੀ ਗੰਗਾ ਪੱਤੀ ਮਨੀਆ MPCASS LTD 98159-91220
Public Notice
ਆਮ ਸੂਚਨਾ
ਮੈਂ ਕੁਲਦੀਪ ਸਿੰਘ ਪੁੱਤਰ ਨਛੱਤਰ ਸਿੰਘ ਵਾਸੀ ਪਿੰਡ ਮਲਕ ਤਹਿਸੀਲ ਜਗਰਾਓਂ ਜ਼ਿਲ੍ਹਾ ਲੁਧਿਆਣਾ ਦਾ ਪਾਸਪੋਰਟ ਨੰਬਰ P0361917 ਹੈ ਜਿਸ ਵਿੱਚ ਮੇਰੇ ਪਿਤਾ ਦਾ ਨਾਮ Nachhtar Singh ਲਿਖਿਆ ਹੋਇਆ ਹੈ ਜੋ ਕਿ ਅਸਲ ਨਾਮ Nachhatar Singh ਹੈ। ਦੋਵੇਂ ਨਾਮ ਇੱਕੋ ਵਿਅਕਤੀ ਦੇ ਹਨ।
I, Shanti Rani W/o Rattan Singh Patyal R/o H.No. 1760 St.No. 3 Mohan Nagar Dera Bassi Teh-Dera Bassi Distt. SAS Nagar declare that my name is Shanti Rani in my Aadhar Card, PAN Card & mentioned in my daughter Rekha Rani's 10th Certificate as my name Shanti Rani Patyal. Have known by both names Shanti Rani & Shanti Rani Patyal one and the same person.
I, Rattan Singh Patyal S/o Kapoor Singh R/o H.No. 1760 St.No. 3 Mohan Nagar Dera Bassi Teh-Dera Bassi Distt. SAS Nagar declare that my name is Rattan Singh Patyal in my Aadhar
ਨਾਮ ਬਦਲੀ...
I, MANISH KUMAR S/O GANGA RAM R/O STREET NO. 4-1/2, WARD NO. 7, BHOLA COLONY, LUDHIANA CHANGED NAME MANISH (GIVEN NAME) KUMAR (SUR-NAME). 7171
I, SACHIN KUMAR S/O PAWAN KUMAR R/O HOUSE NO-1752, ST.NO.1/3, NEAR LALA JAGAT NARAYAN CHOWK, CHANDER NAGAR LUDHIANA,141001 PUNJAB HAVE CHANGED MY NAME AS SACHIN KUMAR TO SACHIN GOGNA. 7171
I, MANPREET KAUR GANDHI W/O JASKIRAT SINGH R/O H NO 2829-A CRPF COLONY DUGRI PHASE 1 NEAR SHIVMANDIR DUGRI MODEL TOWN LUDHIANA CHANGED MY NAME TO MANPREET KAUR.
I, BALWANT SINGH GANDHI S/O LABH SINGH R/O H NO 245 MIG FLATS PHASE 1 DUGRI P. O. BASANT AVENUE LUDHIANA CHANGED MY NAME TO BALWANT SINGH. 7171
I, ARSHDEEP SINGH S/O HARPREET SINGH R/O H NO 64 RAJOURI GARDEN BAREWAL ROAD RAJGURU
ਇਸ਼ਤਿਹਾਰ ਅਤੇ ਕਲਾਸੀਫਾਈਡ ਕੇਵਲ ਅਦਾਰਾ 'ਪਹਿਰੇਦਾਰ' ਦੀ ਈ-ਮੇਲ	rozanapehredaradvt@gmail.com	'ਤੇ ਹੀ ਭੇਜੇ ਜਾਣ।
